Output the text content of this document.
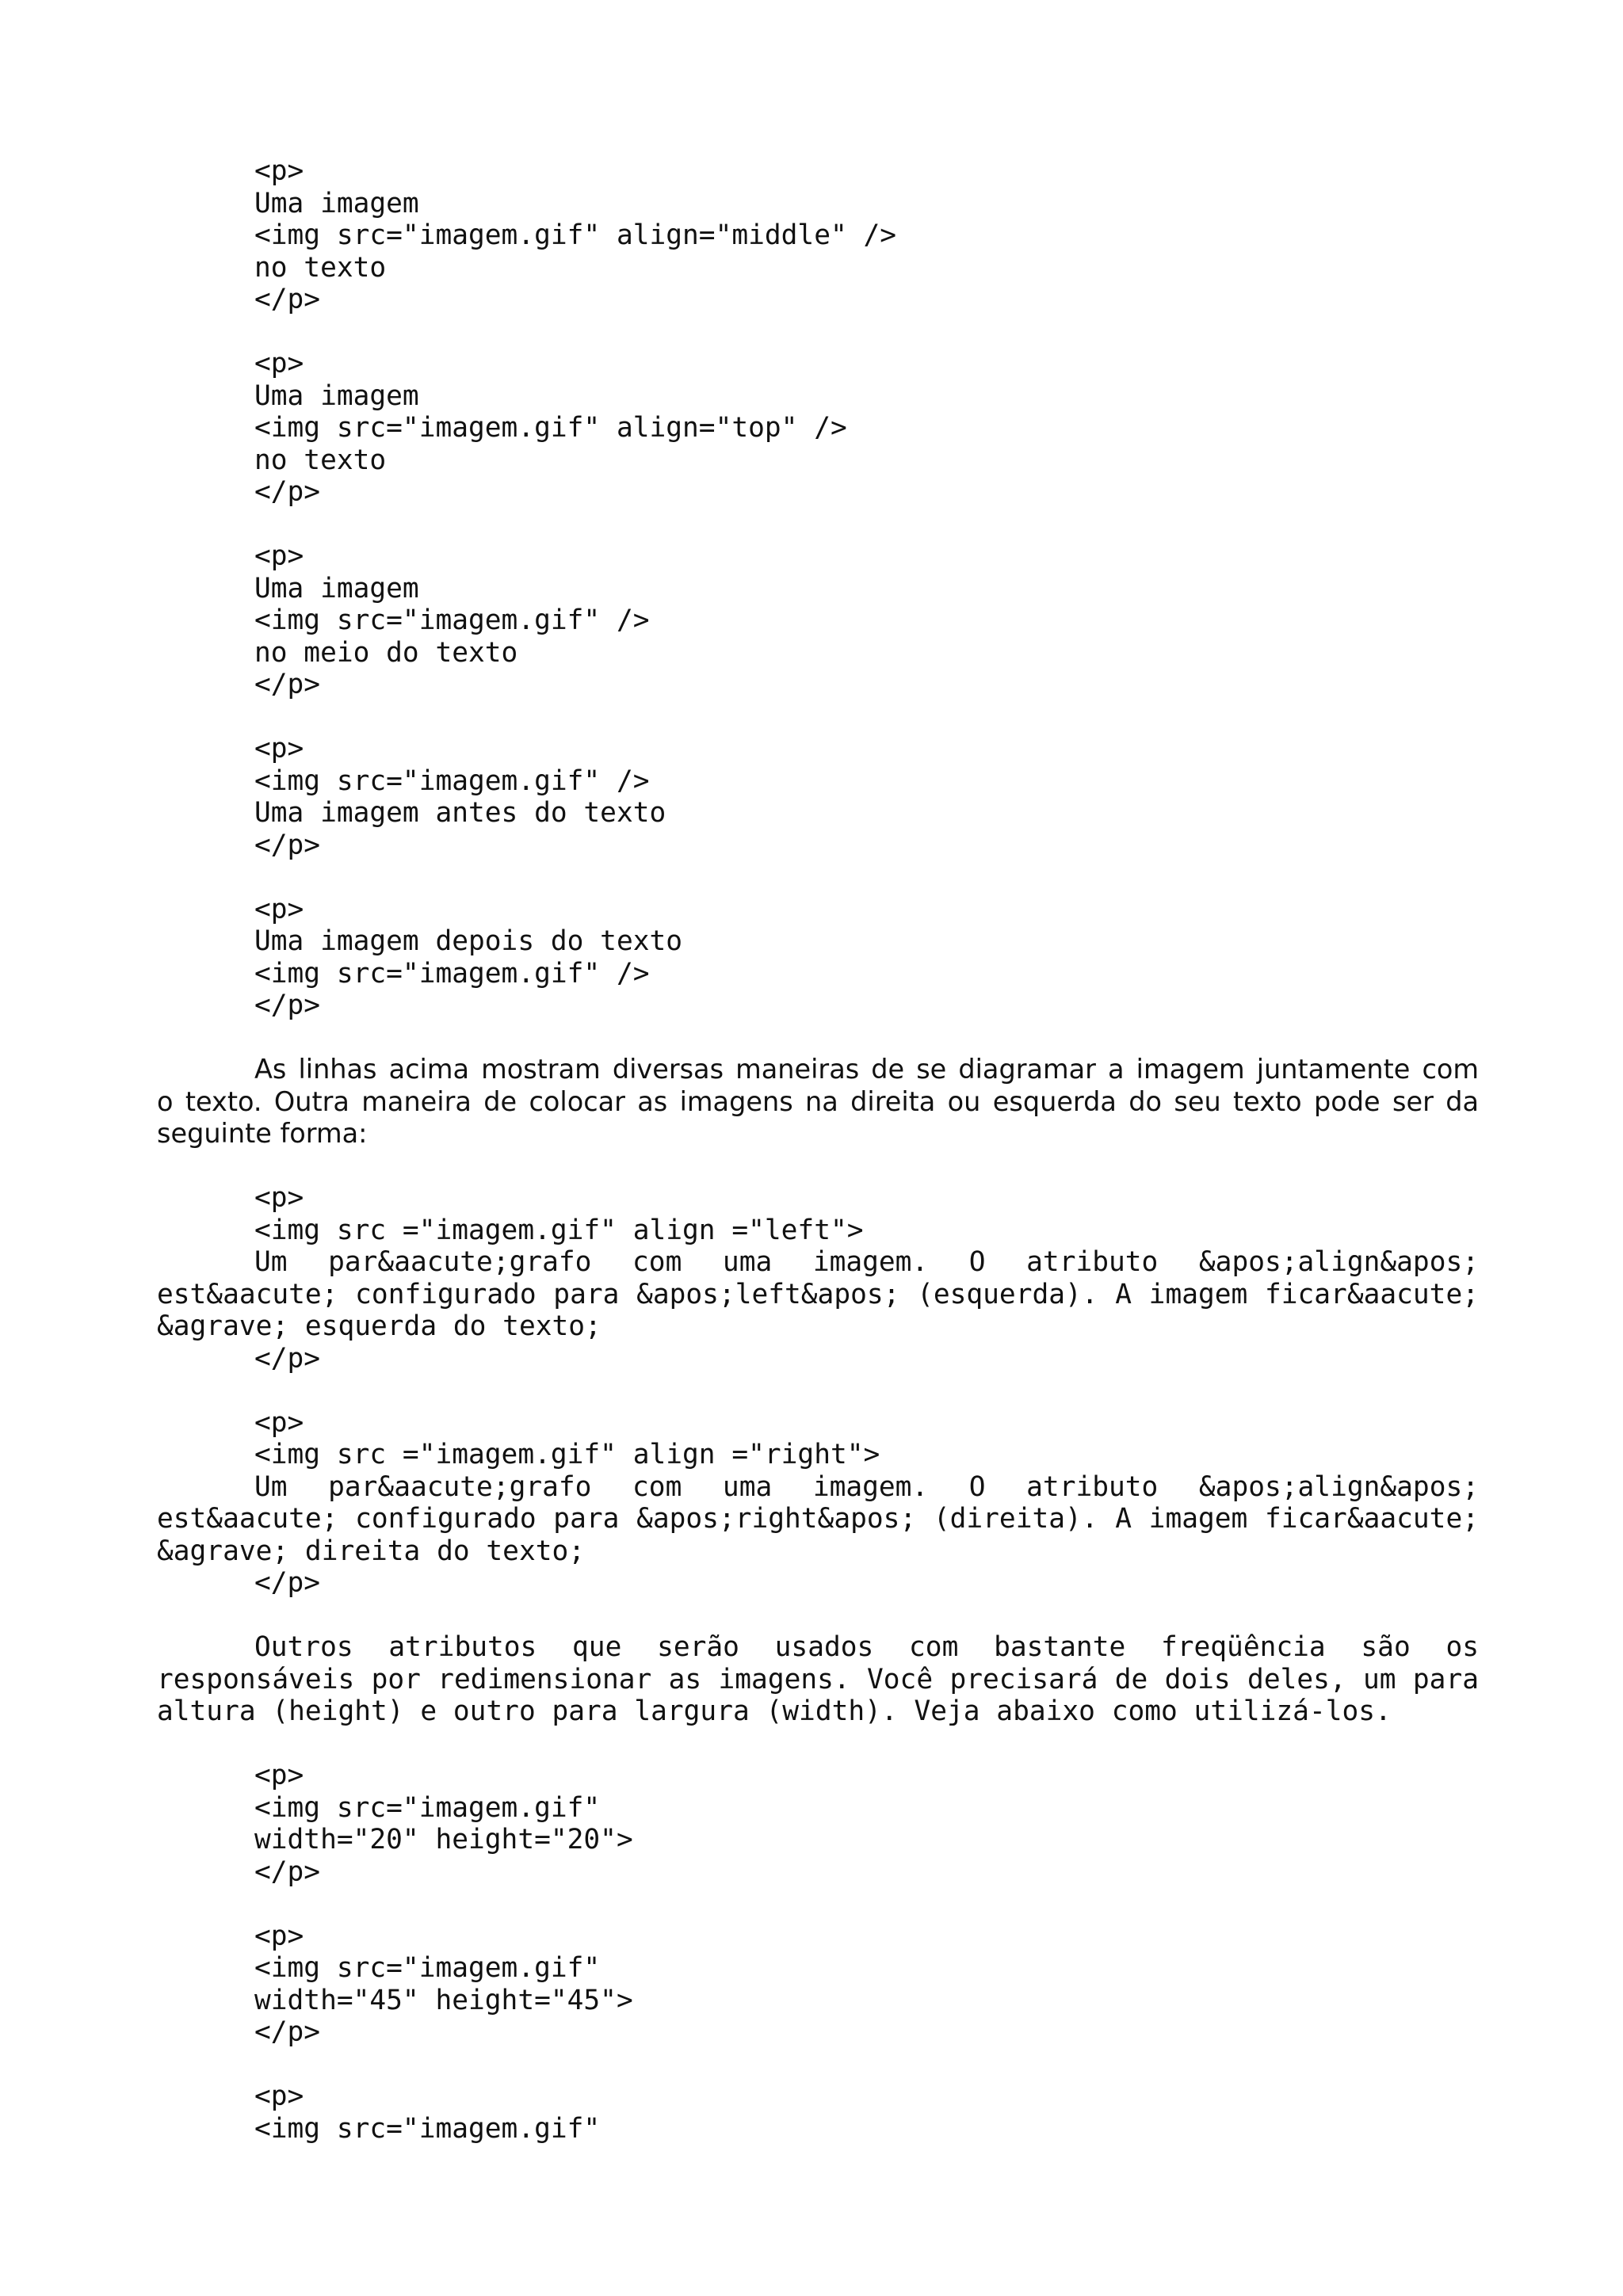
<p>
Uma imagem
<img src="imagem.gif" align="middle" />
no texto
</p>
<p>
Uma imagem
<img src="imagem.gif" align="top" />
no texto
</p>
<p>
Uma imagem
<img src="imagem.gif" />
no meio do texto
</p>
<p>
<img src="imagem.gif" />
Uma imagem antes do texto
</p>
<p>
Uma imagem depois do texto
<img src="imagem.gif" />
</p>
As linhas acima mostram diversas maneiras de se diagramar a imagem juntamente com
o texto. Outra maneira de colocar as imagens na direita ou esquerda do seu texto pode ser da
seguinte forma:
<p>
<img src ="imagem.gif" align ="left">
Um par&aacute;grafo com uma imagem. O atributo &apos;align&apos;
est&aacute; configurado para &apos;left&apos; (esquerda). A imagem ficar&aacute;
&agrave; esquerda do texto;
</p>
<p>
<img src ="imagem.gif" align ="right">
Um par&aacute;grafo com uma imagem. O atributo &apos;align&apos;
est&aacute; configurado para &apos;right&apos; (direita). A imagem ficar&aacute;
&agrave; direita do texto;
</p>
Outros atributos que serão usados com bastante freqüência são os
responsáveis por redimensionar as imagens. Você precisará de dois deles, um para
altura (height) e outro para largura (width). Veja abaixo como utilizá-los.
<p>
<img src="imagem.gif"
width="20" height="20">
</p>
<p>
<img src="imagem.gif"
width="45" height="45">
</p>
<p>
<img src="imagem.gif"
